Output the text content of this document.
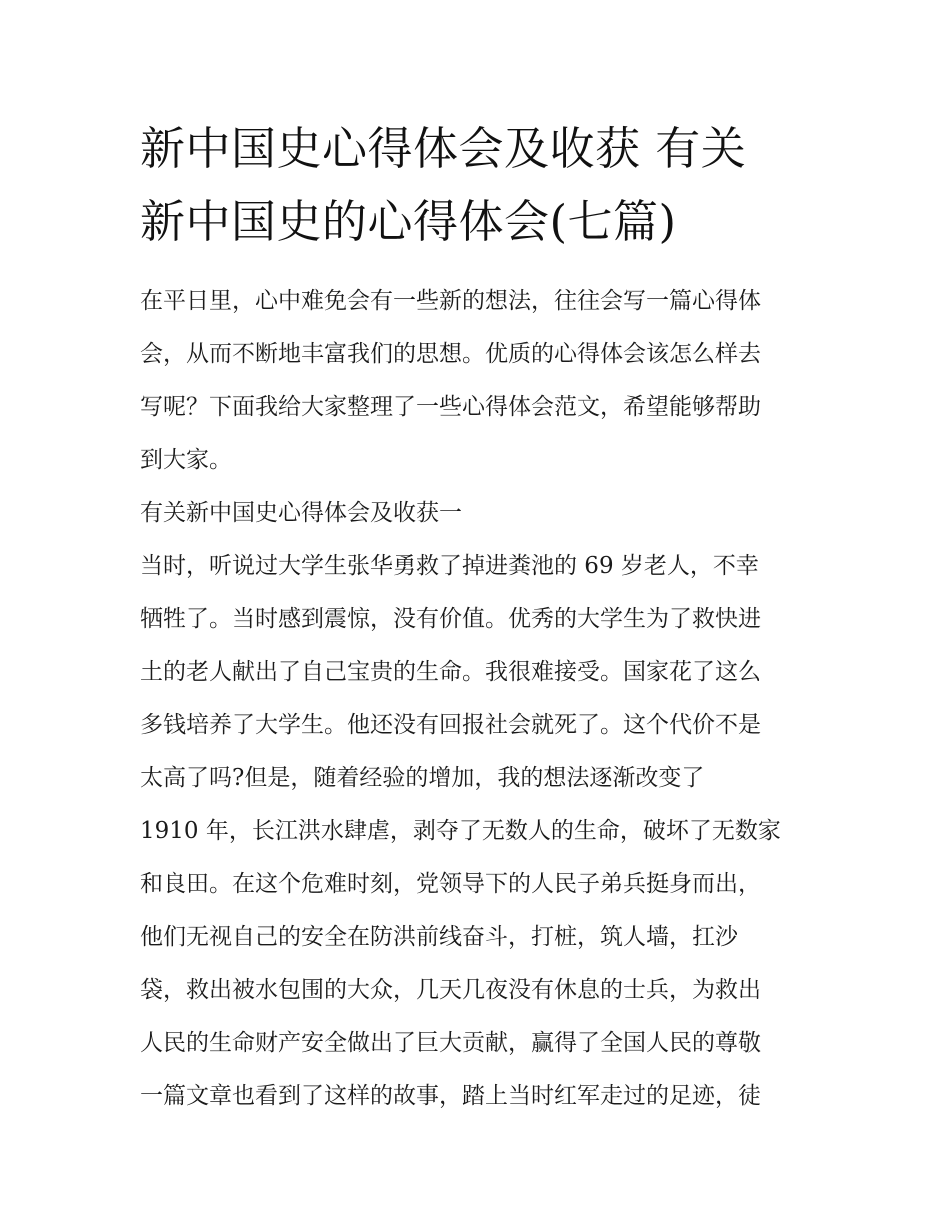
新中国史心得体会及收获 有关
新中国史的心得体会(七篇)
在平日里，心中难免会有一些新的想法，往往会写一篇心得体
会，从而不断地丰富我们的思想。优质的心得体会该怎么样去
写呢？下面我给大家整理了一些心得体会范文，希望能够帮助
到大家。
有关新中国史心得体会及收获一
当时，听说过大学生张华勇救了掉进粪池的 69 岁老人，不幸
牺牲了。当时感到震惊，没有价值。优秀的大学生为了救快进
土的老人献出了自己宝贵的生命。我很难接受。国家花了这么
多钱培养了大学生。他还没有回报社会就死了。这个代价不是
太高了吗?但是，随着经验的增加，我的想法逐渐改变了
1910 年，长江洪水肆虐，剥夺了无数人的生命，破坏了无数家
和良田。在这个危难时刻，党领导下的人民子弟兵挺身而出，
他们无视自己的安全在防洪前线奋斗，打桩，筑人墙，扛沙
袋，救出被水包围的大众，几天几夜没有休息的士兵，为救出
人民的生命财产安全做出了巨大贡献，赢得了全国人民的尊敬
一篇文章也看到了这样的故事，踏上当时红军走过的足迹，徒
